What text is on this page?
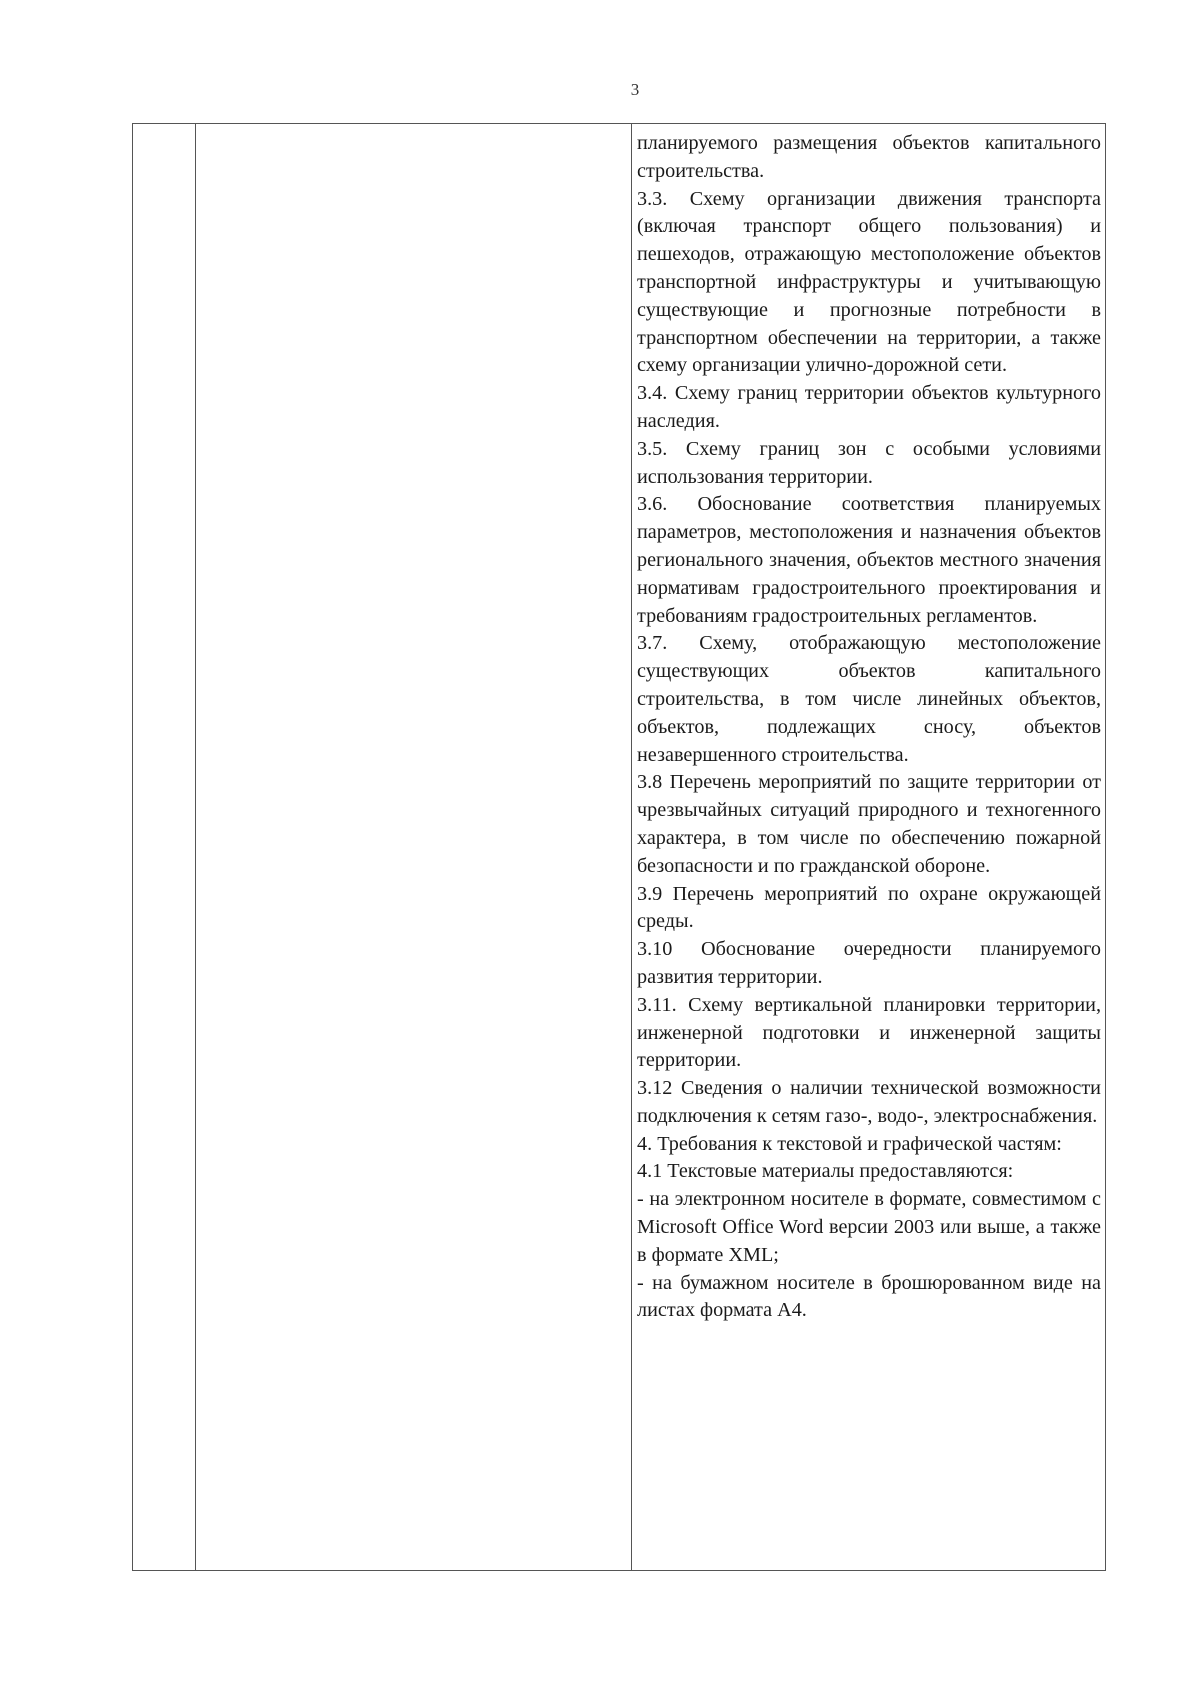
3

планируемого размещения объектов капитального строительства.

3.3. Схему организации движения транспорта (включая транспорт общего пользования) и пешеходов, отражающую местоположение объектов транспортной инфраструктуры и учитывающую существующие и прогнозные потребности в транспортном обеспечении на территории, а также схему организации улично-дорожной сети.

3.4. Схему границ территории объектов культурного наследия.

3.5. Схему границ зон с особыми условиями использования территории.

3.6. Обоснование соответствия планируемых параметров, местоположения и назначения объектов регионального значения, объектов местного значения нормативам градостроительного проектирования и требованиям градостроительных регламентов.

3.7. Схему, отображающую местоположение существующих объектов капитального строительства, в том числе линейных объектов, объектов, подлежащих сносу, объектов незавершенного строительства.

3.8 Перечень мероприятий по защите территории от чрезвычайных ситуаций природного и техногенного характера, в том числе по обеспечению пожарной безопасности и по гражданской обороне.

3.9 Перечень мероприятий по охране окружающей среды.

3.10 Обоснование очередности планируемого развития территории.

3.11. Схему вертикальной планировки территории, инженерной подготовки и инженерной защиты территории.

3.12 Сведения о наличии технической возможности подключения к сетям газо-, водо-, электроснабжения.

4. Требования к текстовой и графической частям:

4.1 Текстовые материалы предоставляются:

- на электронном носителе в формате, совместимом с Microsoft Office Word версии 2003 или выше, а также в формате XML;

- на бумажном носителе в брошюрованном виде на листах формата А4.
